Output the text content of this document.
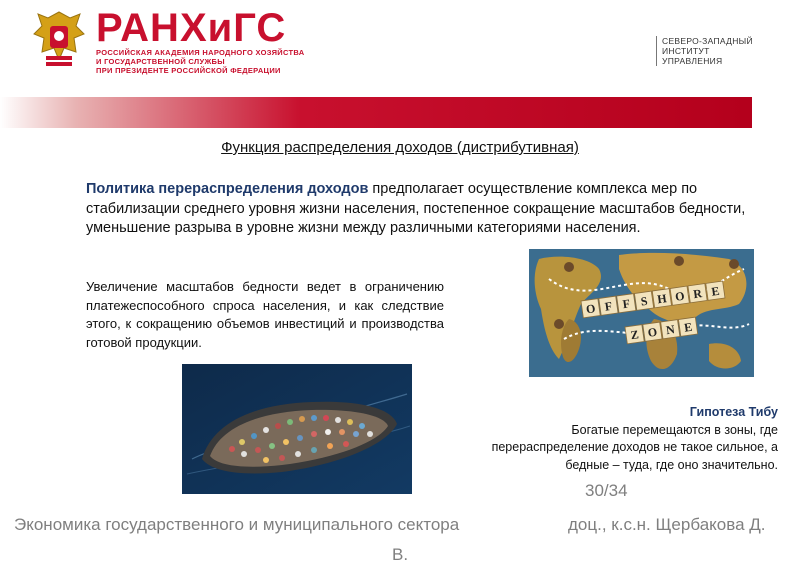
РАНХиГС
РОССИЙСКАЯ АКАДЕМИЯ НАРОДНОГО ХОЗЯЙСТВА
И ГОСУДАРСТВЕННОЙ СЛУЖБЫ
ПРИ ПРЕЗИДЕНТЕ РОССИЙСКОЙ ФЕДЕРАЦИИ
СЕВЕРО-ЗАПАДНЫЙ
ИНСТИТУТ
УПРАВЛЕНИЯ
Функция распределения доходов (дистрибутивная)
Политика перераспределения доходов предполагает осуществление комплекса мер по стабилизации среднего уровня жизни населения, постепенное сокращение масштабов бедности, уменьшение разрыва в уровне жизни между различными категориями населения.
Увеличение масштабов бедности ведет в ограничению платежеспособного спроса населения, и как следствие этого, к сокращению объемов инвестиций и производства готовой продукции.
O F F S H O R E
Z O N E
Гипотеза Тибу
Богатые перемещаются в зоны, где
перераспределение доходов не такое сильное, а
бедные – туда, где оно значительно.
30/34
Экономика государственного и муниципального сектора	доц., к.с.н. Щербакова Д.
В.
